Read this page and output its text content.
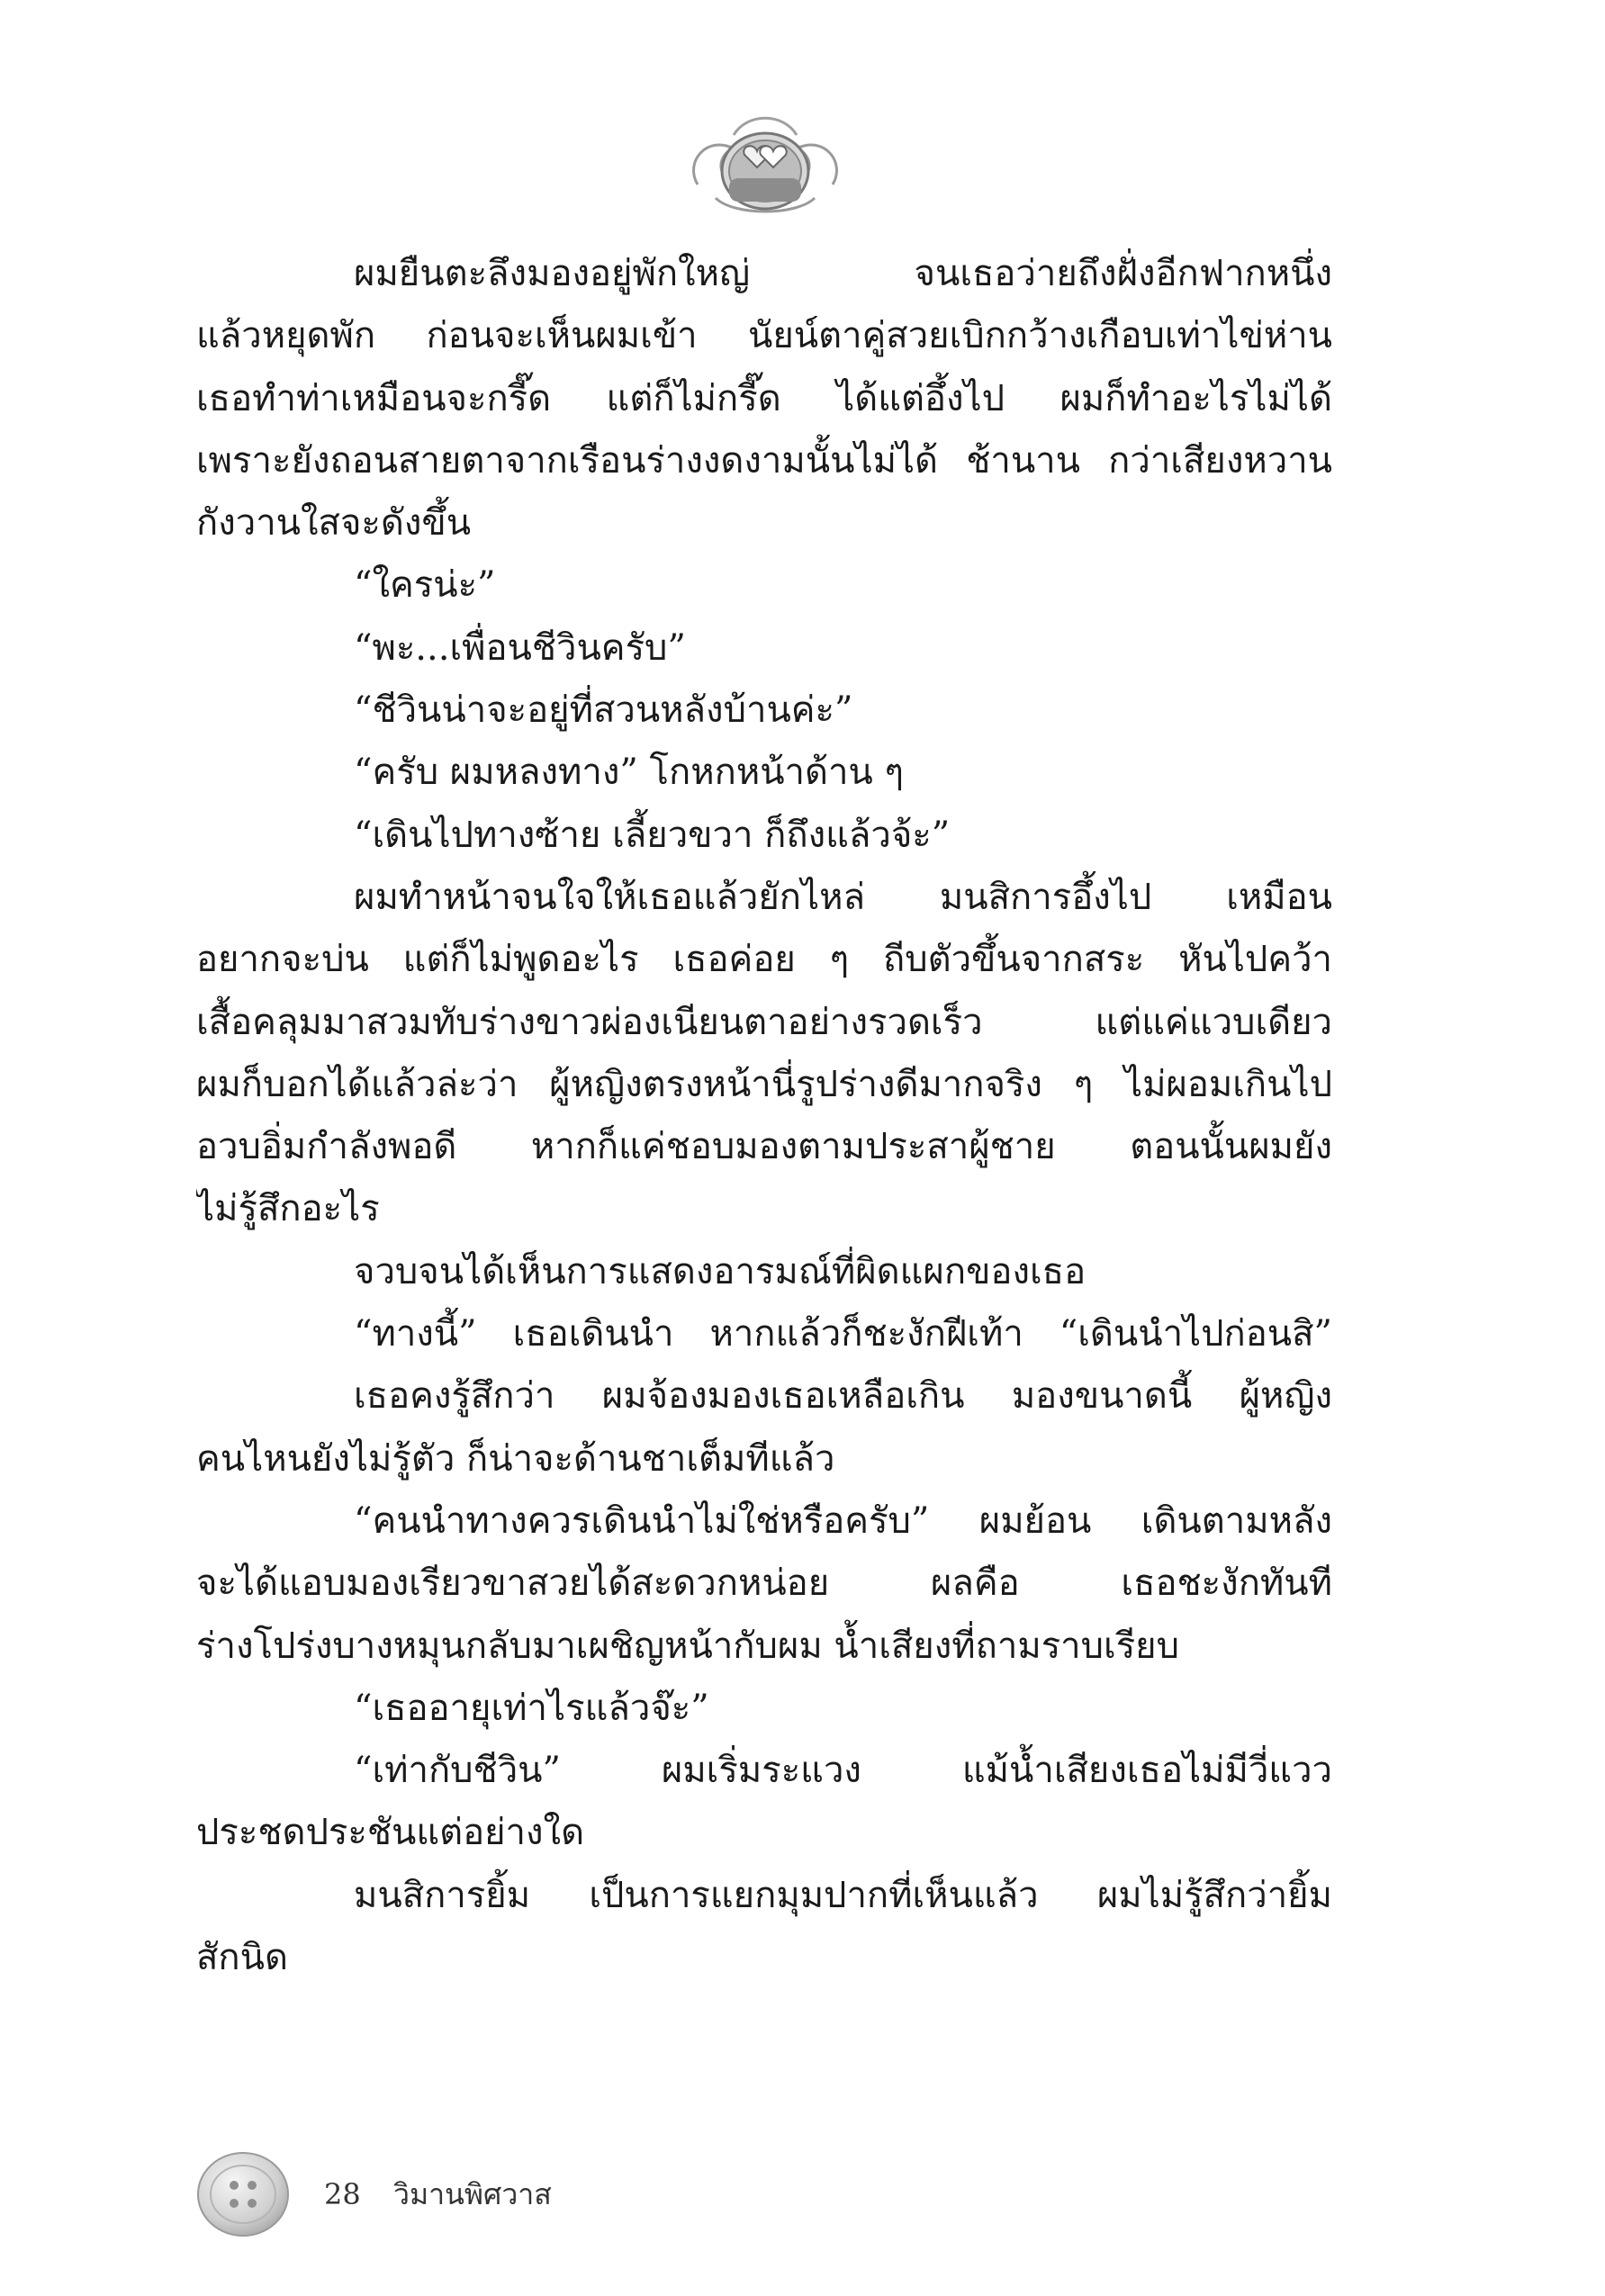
ผมยืนตะลึงมองอยู่พักใหญ่ จนเธอว่ายถึงฝั่งอีกฟากหนึ่ง
แล้วหยุดพัก ก่อนจะเห็นผมเข้า นัยน์ตาคู่สวยเบิกกว้างเกือบเท่าไข่ห่าน
เธอทำท่าเหมือนจะกรี๊ด แต่ก็ไม่กรี๊ด ได้แต่อึ้งไป ผมก็ทำอะไรไม่ได้
เพราะยังถอนสายตาจากเรือนร่างงดงามนั้นไม่ได้ ช้านาน กว่าเสียงหวาน
กังวานใสจะดังขึ้น
“ใครน่ะ”
“พะ...เพื่อนชีวินครับ”
“ชีวินน่าจะอยู่ที่สวนหลังบ้านค่ะ”
“ครับ ผมหลงทาง” โกหกหน้าด้าน ๆ
“เดินไปทางซ้าย เลี้ยวขวา ก็ถึงแล้วจ้ะ”
ผมทำหน้าจนใจให้เธอแล้วยักไหล่ มนสิการอึ้งไป เหมือน
อยากจะบ่น แต่ก็ไม่พูดอะไร เธอค่อย ๆ ถีบตัวขึ้นจากสระ หันไปคว้า
เสื้อคลุมมาสวมทับร่างขาวผ่องเนียนตาอย่างรวดเร็ว แต่แค่แวบเดียว
ผมก็บอกได้แล้วล่ะว่า ผู้หญิงตรงหน้านี่รูปร่างดีมากจริง ๆ ไม่ผอมเกินไป
อวบอิ่มกำลังพอดี หากก็แค่ชอบมองตามประสาผู้ชาย ตอนนั้นผมยัง
ไม่รู้สึกอะไร
จวบจนได้เห็นการแสดงอารมณ์ที่ผิดแผกของเธอ
“ทางนี้” เธอเดินนำ หากแล้วก็ชะงักฝีเท้า “เดินนำไปก่อนสิ”
เธอคงรู้สึกว่า ผมจ้องมองเธอเหลือเกิน มองขนาดนี้ ผู้หญิง
คนไหนยังไม่รู้ตัว ก็น่าจะด้านชาเต็มทีแล้ว
“คนนำทางควรเดินนำไม่ใช่หรือครับ” ผมย้อน เดินตามหลัง
จะได้แอบมองเรียวขาสวยได้สะดวกหน่อย ผลคือ เธอชะงักทันที
ร่างโปร่งบางหมุนกลับมาเผชิญหน้ากับผม น้ำเสียงที่ถามราบเรียบ
“เธออายุเท่าไรแล้วจ๊ะ”
“เท่ากับชีวิน” ผมเริ่มระแวง แม้น้ำเสียงเธอไม่มีวี่แวว
ประชดประชันแต่อย่างใด
มนสิการยิ้ม เป็นการแยกมุมปากที่เห็นแล้ว ผมไม่รู้สึกว่ายิ้ม
สักนิด
28 วิมานพิศวาส
